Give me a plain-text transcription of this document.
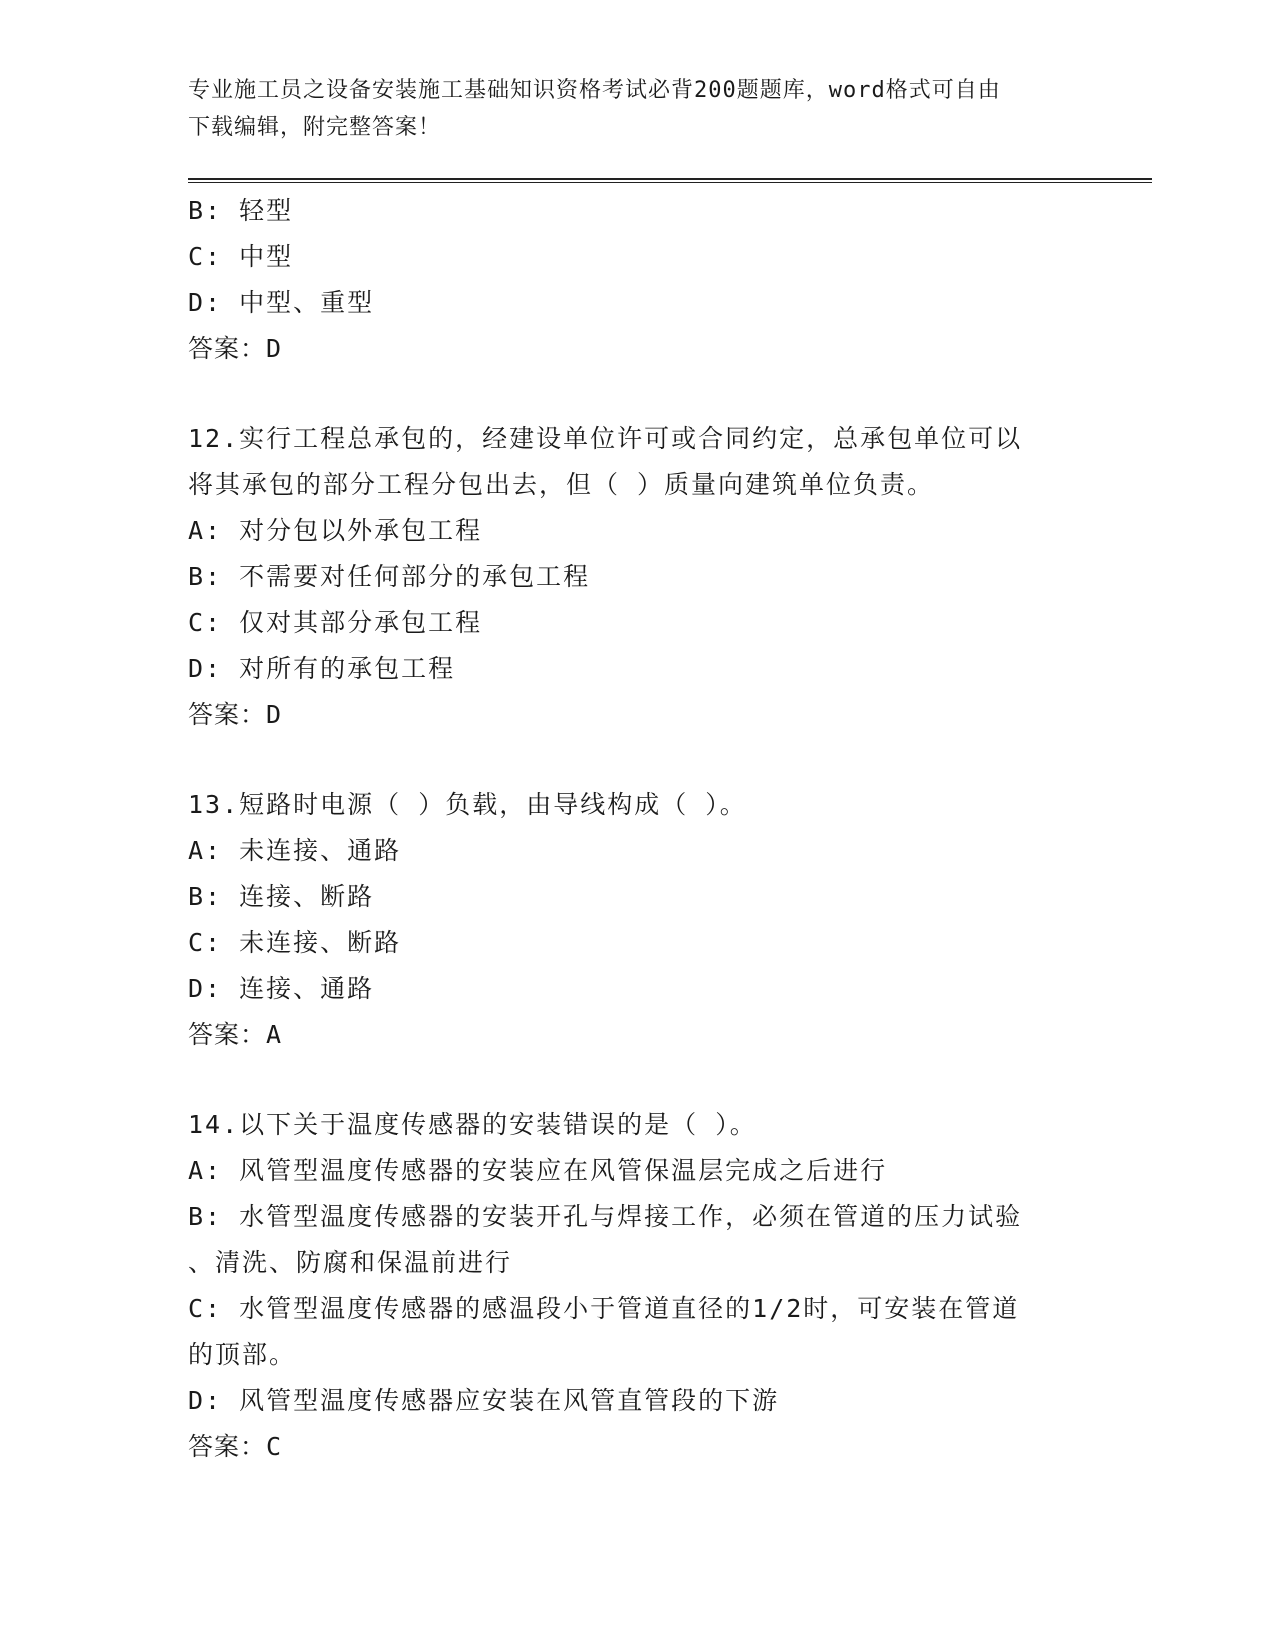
专业施工员之设备安装施工基础知识资格考试必背200题题库，word格式可自由
下载编辑，附完整答案！
B: 轻型
C: 中型
D: 中型、重型
答案：D
12.实行工程总承包的，经建设单位许可或合同约定，总承包单位可以
将其承包的部分工程分包出去，但（ ）质量向建筑单位负责。
A: 对分包以外承包工程
B: 不需要对任何部分的承包工程
C: 仅对其部分承包工程
D: 对所有的承包工程
答案：D
13.短路时电源（ ）负载，由导线构成（ ）。
A: 未连接、通路
B: 连接、断路
C: 未连接、断路
D: 连接、通路
答案：A
14.以下关于温度传感器的安装错误的是（ ）。
A: 风管型温度传感器的安装应在风管保温层完成之后进行
B: 水管型温度传感器的安装开孔与焊接工作，必须在管道的压力试验
、清洗、防腐和保温前进行
C: 水管型温度传感器的感温段小于管道直径的1/2时，可安装在管道
的顶部。
D: 风管型温度传感器应安装在风管直管段的下游
答案：C
